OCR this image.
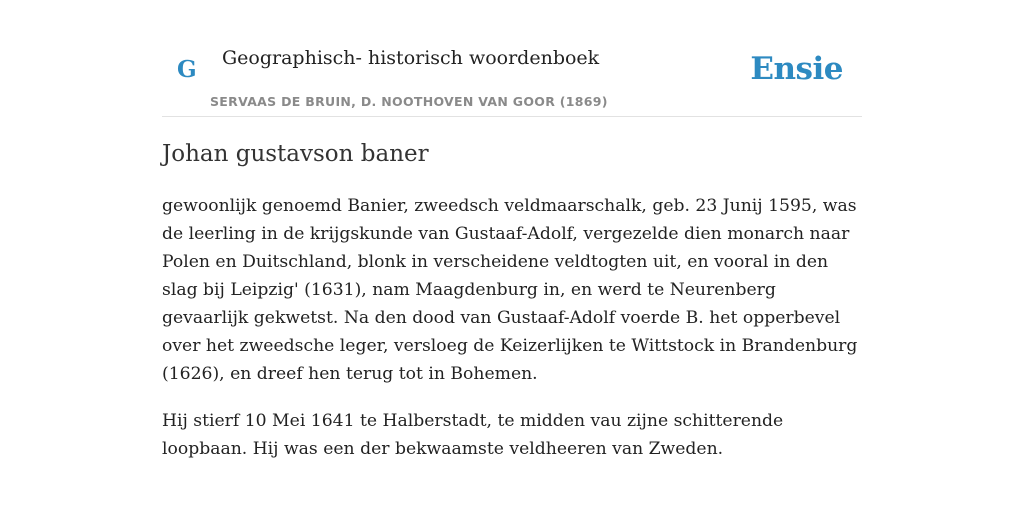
G Geographisch- historisch woordenboek
SERVAAS DE BRUIN, D. NOOTHOVEN VAN GOOR (1869)
Ensie
Johan gustavson baner

gewoonlijk genoemd Banier, zweedsch veldmaarschalk, geb. 23 Junij 1595, was de leerling in de krijgskunde van Gustaaf-Adolf, vergezelde dien monarch naar Polen en Duitschland, blonk in verscheidene veldtogten uit, en vooral in den slag bij Leipzig' (1631), nam Maagdenburg in, en werd te Neurenberg gevaarlijk gekwetst. Na den dood van Gustaaf-Adolf voerde B. het opperbevel over het zweedsche leger, versloeg de Keizerlijken te Wittstock in Brandenburg (1626), en dreef hen terug tot in Bohemen.

Hij stierf 10 Mei 1641 te Halberstadt, te midden vau zijne schitterende loopbaan. Hij was een der bekwaamste veldheeren van Zweden.
